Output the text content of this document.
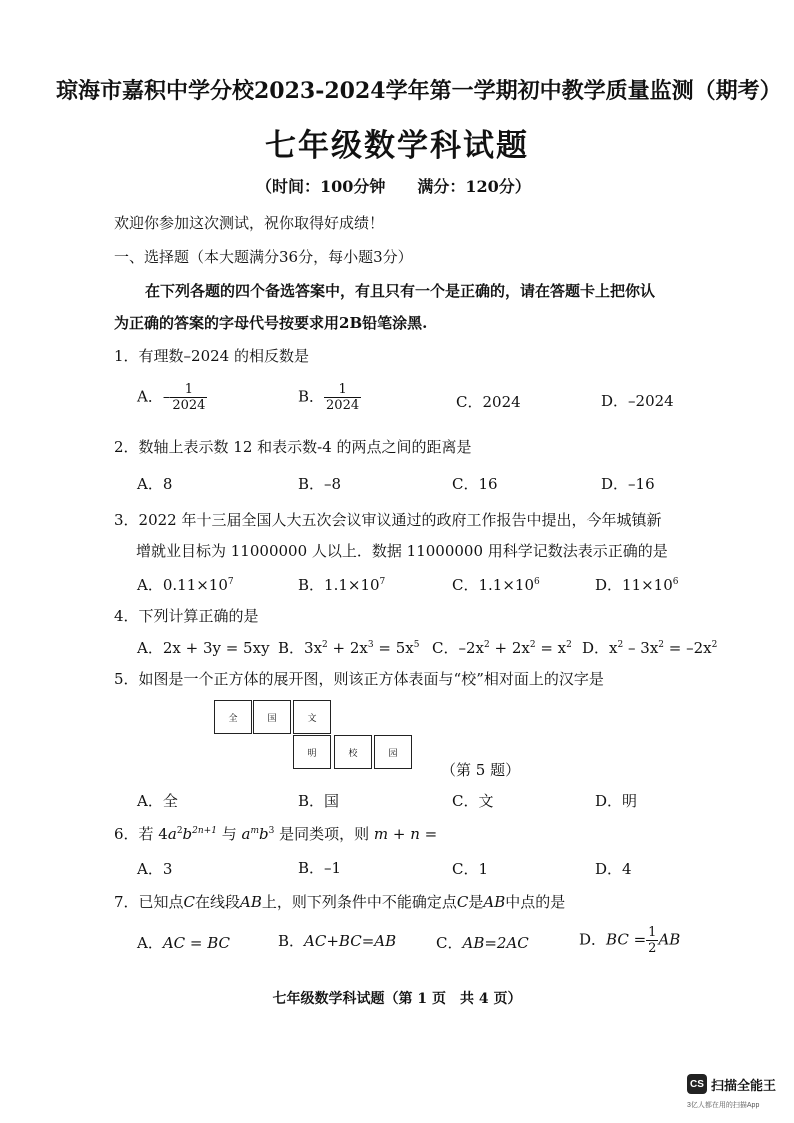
琼海市嘉积中学分校2023-2024学年第一学期初中教学质量监测（期考）
七年级数学科试题
（时间：100分钟　　满分：120分）
欢迎你参加这次测试，祝你取得好成绩！
一、选择题（本大题满分36分，每小题3分）
在下列各题的四个备选答案中，有且只有一个是正确的，请在答题卡上把你认
为正确的答案的字母代号按要求用2B铅笔涂黑.
1．有理数–2024 的相反数是
A．– $\frac{1}{2024}$	B． $\frac{1}{2024}$	C．2024	D．–2024
2．数轴上表示数 12 和表示数-4 的两点之间的距离是
A．8	B．–8	C．16	D．–16
3．2022 年十三届全国人大五次会议审议通过的政府工作报告中提出，今年城镇新
增就业目标为 11000000 人以上．数据 11000000 用科学记数法表示正确的是
A．$0.11\times 10^7$	B．$1.1\times 10^7$	C．$1.1\times 10^6$	D．$11\times 10^6$
4．下列计算正确的是
A．2x + 3y = 5xy B．$3x^2 + 2x^3 = 5x^5$ C．$-2x^2 + 2x^2 = x^2$ D．$x^2 - 3x^2 = -2x^2$
5．如图是一个正方体的展开图，则该正方体表面与“校”相对面上的汉字是
全	国	文
明	校	园
（第 5 题）
A．全	B．国	C．文	D．明
6．若 $4a^2b^{2n+1}$ 与 $a^mb^3$ 是同类项，则 m + n =
A．3	B．–1	C．1	D．4
7．已知点C在线段AB上，则下列条件中不能确定点C是AB中点的是
A．AC = BC	B．AC+BC=AB	C．AB=2AC	D．BC = $\frac{1}{2}$ AB
七年级数学科试题（第 1 页　共 4 页）
CS 扫描全能王
3亿人都在用的扫描App
